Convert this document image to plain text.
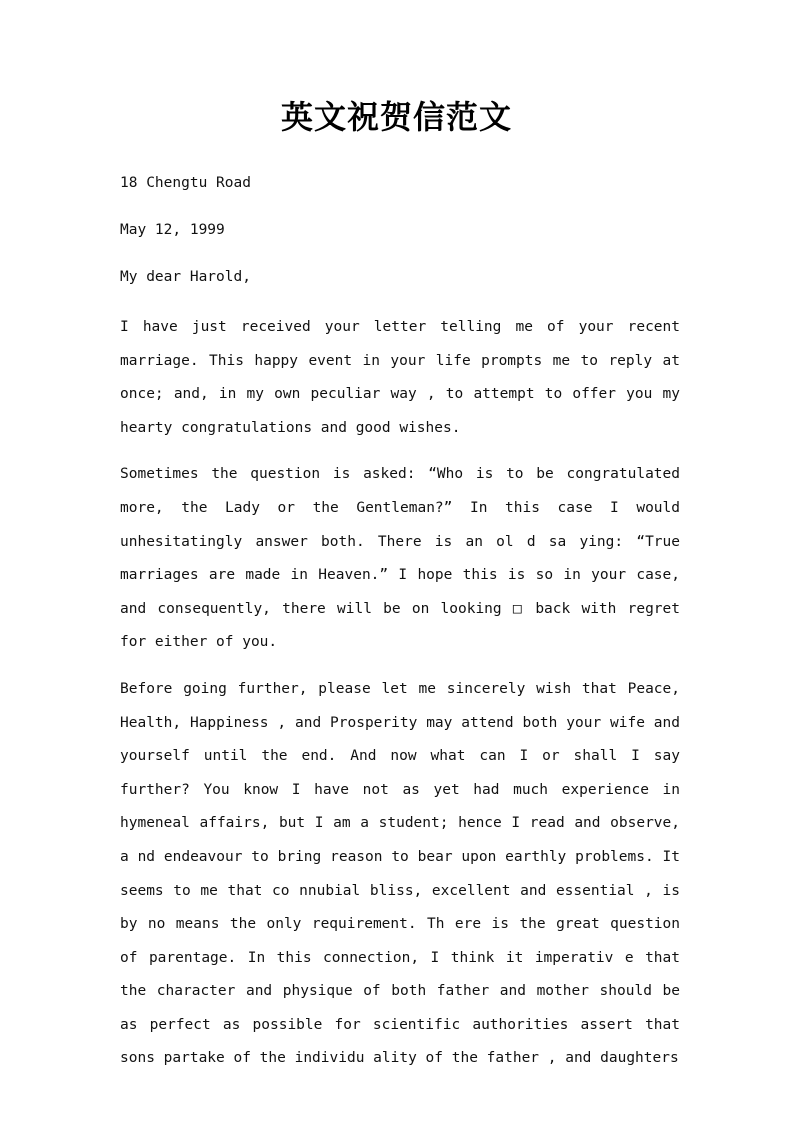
英文祝贺信范文

18 Chengtu Road

May 12, 1999

My dear Harold,

I have just received your letter telling me of your recent marriage. This happy event in your life prompts me to reply at once; and, in my own peculiar way , to attempt to offer you my hearty congratulations and good wishes.

Sometimes the question is asked: “Who is to be congratulated more, the Lady or the Gentleman?” In this case I would unhesitatingly answer both. There is an ol d sa ying: “True marriages are made in Heaven.” I hope this is so in your case, and consequently, there will be on looking □ back with regret for either of you.

Before going further, please let me sincerely wish that Peace, Health, Happiness , and Prosperity may attend both your wife and yourself until the end. And now what can I or shall I say further? You know I have not as yet had much experience in hymeneal affairs, but I am a student; hence I read and observe, a nd endeavour to bring reason to bear upon earthly problems. It seems to me that co nnubial bliss, excellent and essential , is by no means the only requirement. Th ere is the great question of parentage. In this connection, I think it imperativ e that the character and physique of both father and mother should be as perfect as possible for scientific authorities assert that sons partake of the individu ality of the father , and daughters
